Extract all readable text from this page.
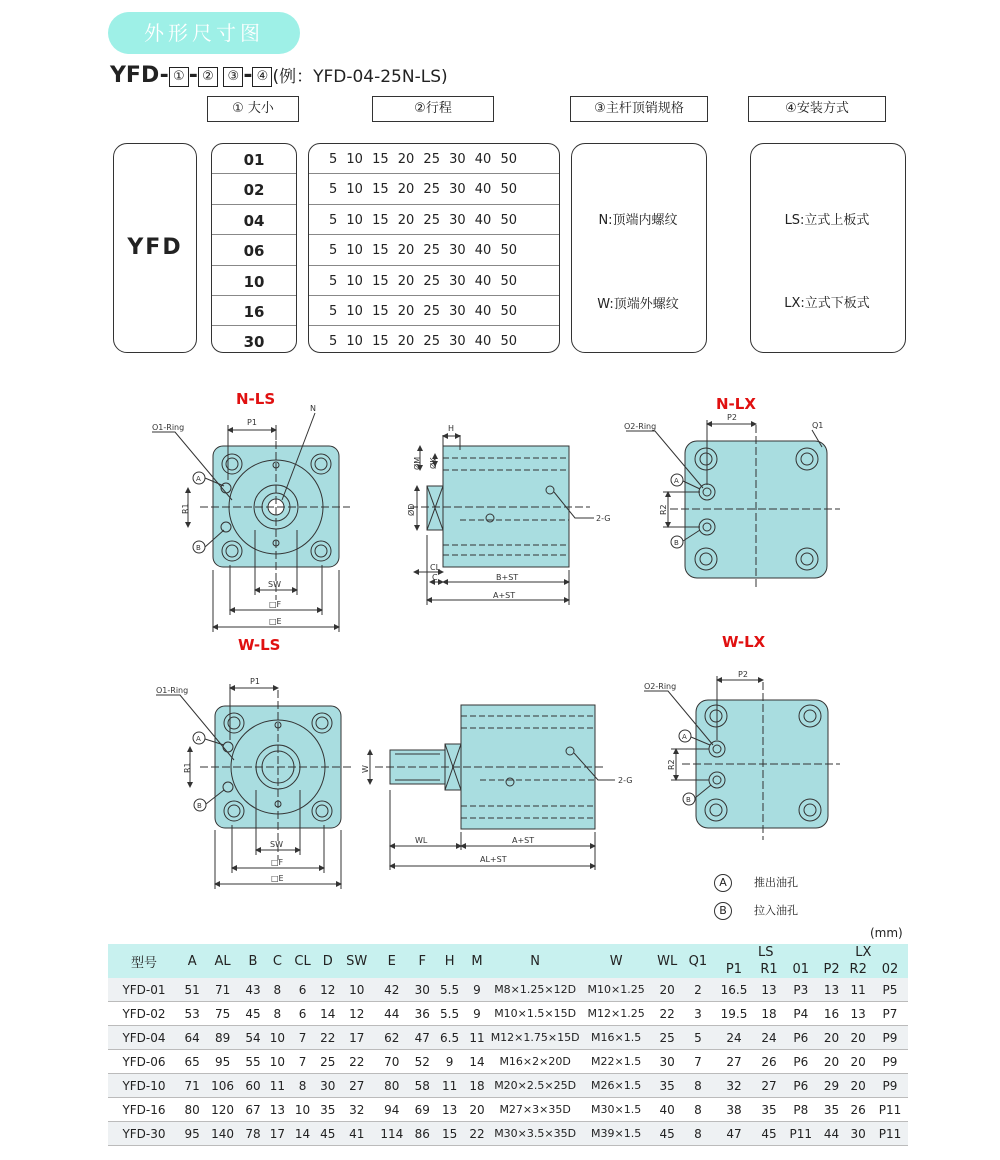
外形尺寸图
YFD- ① - ② ③ - ④ (例：YFD-04-25N-LS)
① 大小	②行程	③主杆顶销规格	④安装方式
YFD
01
02
04
06
10
16
30
5 10 15 20 25 30 40 50
5 10 15 20 25 30 40 50
5 10 15 20 25 30 40 50
5 10 15 20 25 30 40 50
5 10 15 20 25 30 40 50
5 10 15 20 25 30 40 50
5 10 15 20 25 30 40 50
N:顶端内螺纹
W:顶端外螺纹
LS:立式上板式
LX:立式下板式
N-LS	N-LX
W-LS	W-LX
O1-Ring
P1
N
R1
SW
□F
□E
A
B
H
ØM ØK
ØD
CL
C	B+ST
A+ST
2-G
O2-Ring
P2
Q1
R2
A
B
O1-Ring
P1
R1
SW
□F
□E
A
B
W
WL	A+ST
AL+ST
2-G
O2-Ring
P2
R2
A
B
A 推出油孔
B 拉入油孔
(mm)
型号	A	AL	B	C	CL	D	SW	E	F	H	M	N	W	WL	Q1	LS			LX		
																P1	R1	01	P2	R2	02
YFD-01	51	71	43	8	6	12	10	42	30	5.5	9	M8×1.25×12D	M10×1.25	20	2	16.5	13	P3	13	11	P5
YFD-02	53	75	45	8	6	14	12	44	36	5.5	9	M10×1.5×15D	M12×1.25	22	3	19.5	18	P4	16	13	P7
YFD-04	64	89	54	10	7	22	17	62	47	6.5	11	M12×1.75×15D	M16×1.5	25	5	24	24	P6	20	20	P9
YFD-06	65	95	55	10	7	25	22	70	52	9	14	M16×2×20D	M22×1.5	30	7	27	26	P6	20	20	P9
YFD-10	71	106	60	11	8	30	27	80	58	11	18	M20×2.5×25D	M26×1.5	35	8	32	27	P6	29	20	P9
YFD-16	80	120	67	13	10	35	32	94	69	13	20	M27×3×35D	M30×1.5	40	8	38	35	P8	35	26	P11
YFD-30	95	140	78	17	14	45	41	114	86	15	22	M30×3.5×35D	M39×1.5	45	8	47	45	P11	44	30	P11
